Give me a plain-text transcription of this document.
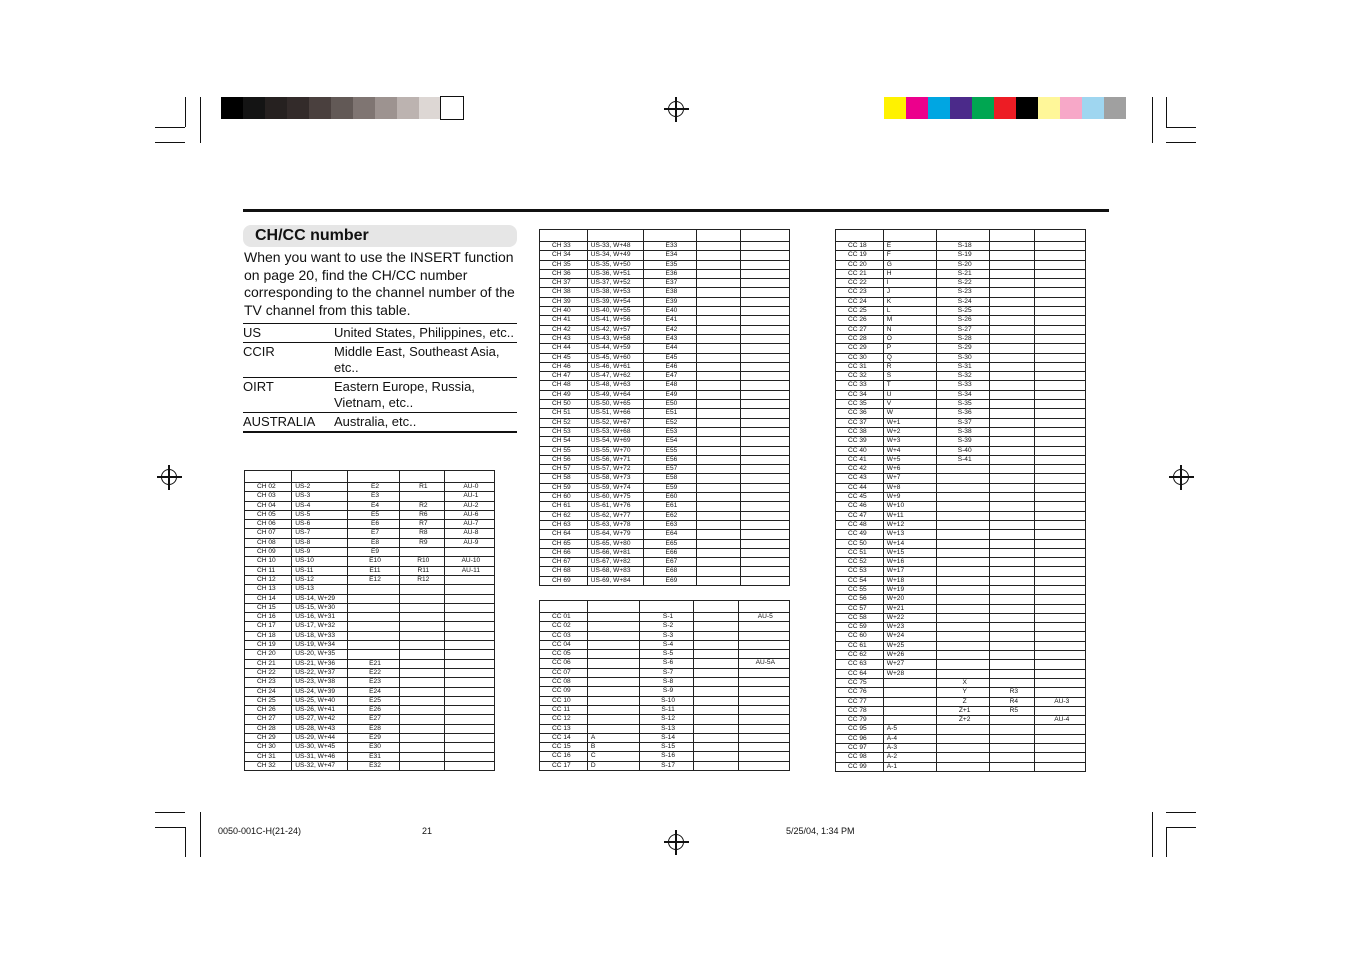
CH/CC number
When you want to use the INSERT function on page 20, find the CH/CC number corresponding to the channel number of the TV channel from this table.
US	United States, Philippines, etc..
CCIR	Middle East, Southeast Asia, etc..
OIRT	Eastern Europe, Russia, Vietnam, etc..
AUSTRALIA	Australia, etc..

CH 02	US-2	E2	R1	AU-0
CH 03	US-3	E3		AU-1
CH 04	US-4	E4	R2	AU-2
CH 05	US-5	E5	R6	AU-6
CH 06	US-6	E6	R7	AU-7
CH 07	US-7	E7	R8	AU-8
CH 08	US-8	E8	R9	AU-9
CH 09	US-9	E9		
CH 10	US-10	E10	R10	AU-10
CH 11	US-11	E11	R11	AU-11
CH 12	US-12	E12	R12	
CH 13	US-13			
CH 14	US-14, W+29			
CH 15	US-15, W+30			
CH 16	US-16, W+31			
CH 17	US-17, W+32			
CH 18	US-18, W+33			
CH 19	US-19, W+34			
CH 20	US-20, W+35			
CH 21	US-21, W+36	E21		
CH 22	US-22, W+37	E22		
CH 23	US-23, W+38	E23		
CH 24	US-24, W+39	E24		
CH 25	US-25, W+40	E25		
CH 26	US-26, W+41	E26		
CH 27	US-27, W+42	E27		
CH 28	US-28, W+43	E28		
CH 29	US-29, W+44	E29		
CH 30	US-30, W+45	E30		
CH 31	US-31, W+46	E31		
CH 32	US-32, W+47	E32		

CH 33	US-33, W+48	E33		
CH 34	US-34, W+49	E34		
CH 35	US-35, W+50	E35		
CH 36	US-36, W+51	E36		
CH 37	US-37, W+52	E37		
CH 38	US-38, W+53	E38		
CH 39	US-39, W+54	E39		
CH 40	US-40, W+55	E40		
CH 41	US-41, W+56	E41		
CH 42	US-42, W+57	E42		
CH 43	US-43, W+58	E43		
CH 44	US-44, W+59	E44		
CH 45	US-45, W+60	E45		
CH 46	US-46, W+61	E46		
CH 47	US-47, W+62	E47		
CH 48	US-48, W+63	E48		
CH 49	US-49, W+64	E49		
CH 50	US-50, W+65	E50		
CH 51	US-51, W+66	E51		
CH 52	US-52, W+67	E52		
CH 53	US-53, W+68	E53		
CH 54	US-54, W+69	E54		
CH 55	US-55, W+70	E55		
CH 56	US-56, W+71	E56		
CH 57	US-57, W+72	E57		
CH 58	US-58, W+73	E58		
CH 59	US-59, W+74	E59		
CH 60	US-60, W+75	E60		
CH 61	US-61, W+76	E61		
CH 62	US-62, W+77	E62		
CH 63	US-63, W+78	E63		
CH 64	US-64, W+79	E64		
CH 65	US-65, W+80	E65		
CH 66	US-66, W+81	E66		
CH 67	US-67, W+82	E67		
CH 68	US-68, W+83	E68		
CH 69	US-69, W+84	E69		

CC 01		S-1		AU-5
CC 02		S-2		
CC 03		S-3		
CC 04		S-4		
CC 05		S-5		
CC 06		S-6		AU-5A
CC 07		S-7		
CC 08		S-8		
CC 09		S-9		
CC 10		S-10		
CC 11		S-11		
CC 12		S-12		
CC 13		S-13		
CC 14	A	S-14		
CC 15	B	S-15		
CC 16	C	S-16		
CC 17	D	S-17		

CC 18	E	S-18		
CC 19	F	S-19		
CC 20	G	S-20		
CC 21	H	S-21		
CC 22	I	S-22		
CC 23	J	S-23		
CC 24	K	S-24		
CC 25	L	S-25		
CC 26	M	S-26		
CC 27	N	S-27		
CC 28	O	S-28		
CC 29	P	S-29		
CC 30	Q	S-30		
CC 31	R	S-31		
CC 32	S	S-32		
CC 33	T	S-33		
CC 34	U	S-34		
CC 35	V	S-35		
CC 36	W	S-36		
CC 37	W+1	S-37		
CC 38	W+2	S-38		
CC 39	W+3	S-39		
CC 40	W+4	S-40		
CC 41	W+5	S-41		
CC 42	W+6			
CC 43	W+7			
CC 44	W+8			
CC 45	W+9			
CC 46	W+10			
CC 47	W+11			
CC 48	W+12			
CC 49	W+13			
CC 50	W+14			
CC 51	W+15			
CC 52	W+16			
CC 53	W+17			
CC 54	W+18			
CC 55	W+19			
CC 56	W+20			
CC 57	W+21			
CC 58	W+22			
CC 59	W+23			
CC 60	W+24			
CC 61	W+25			
CC 62	W+26			
CC 63	W+27			
CC 64	W+28			
CC 75		X		
CC 76		Y	R3	
CC 77		Z	R4	AU-3
CC 78		Z+1	R5	
CC 79		Z+2		AU-4
CC 95	A-5			
CC 96	A-4			
CC 97	A-3			
CC 98	A-2			
CC 99	A-1			
0050-001C-H(21-24)	21	5/25/04, 1:34 PM
